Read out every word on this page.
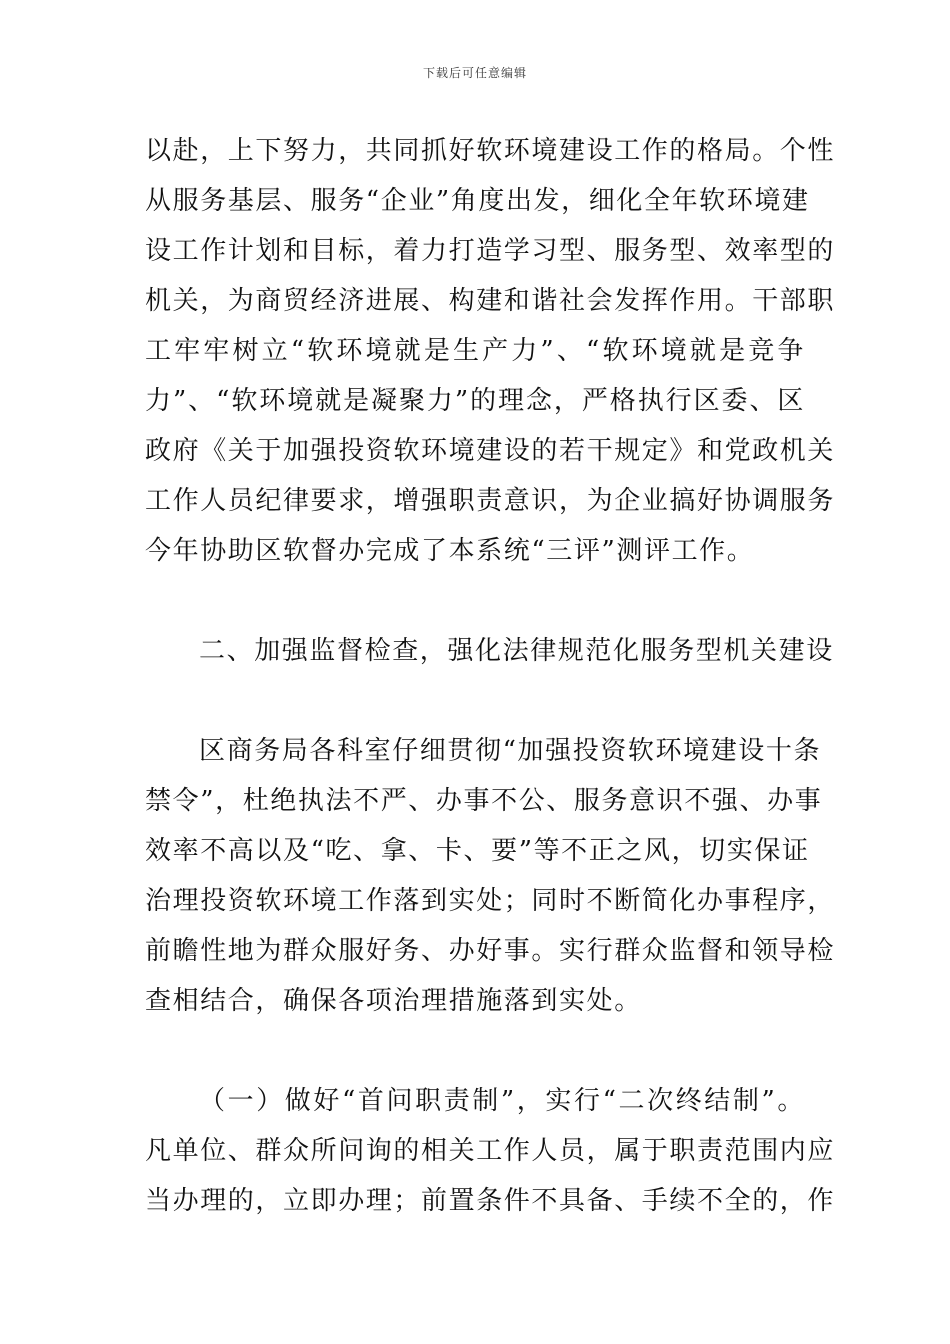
下载后可任意编辑
以赴，上下努力，共同抓好软环境建设工作的格局。个性
从服务基层、服务“企业”角度出发，细化全年软环境建
设工作计划和目标，着力打造学习型、服务型、效率型的
机关，为商贸经济进展、构建和谐社会发挥作用。干部职
工牢牢树立“软环境就是生产力”、“软环境就是竞争
力”、“软环境就是凝聚力”的理念，严格执行区委、区
政府《关于加强投资软环境建设的若干规定》和党政机关
工作人员纪律要求，增强职责意识，为企业搞好协调服务
今年协助区软督办完成了本系统“三评”测评工作。
二、加强监督检查，强化法律规范化服务型机关建设
区商务局各科室仔细贯彻“加强投资软环境建设十条
禁令”，杜绝执法不严、办事不公、服务意识不强、办事
效率不高以及“吃、拿、卡、要”等不正之风，切实保证
治理投资软环境工作落到实处；同时不断简化办事程序，
前瞻性地为群众服好务、办好事。实行群众监督和领导检
查相结合，确保各项治理措施落到实处。
（一）做好“首问职责制”，实行“二次终结制”。
凡单位、群众所问询的相关工作人员，属于职责范围内应
当办理的，立即办理；前置条件不具备、手续不全的，作
